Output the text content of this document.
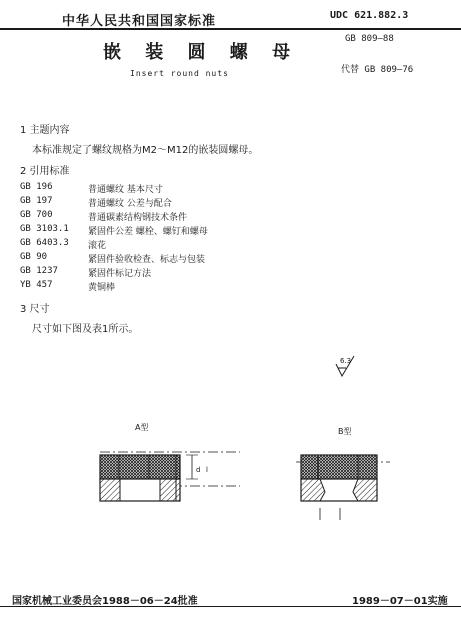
中华人民共和国国家标准	UDC 621.882.3
嵌 装 圆 螺 母
GB 809—88
Insert round nuts	代替 GB 809—76
1 主题内容
本标准规定了螺纹规格为M2～M12的嵌装圆螺母。
2 引用标准
GB 196	普通螺纹 基本尺寸
GB 197	普通螺纹 公差与配合
GB 700	普通碳素结构钢技术条件
GB 3103.1 紧固件公差 螺栓、螺钉和螺母
GB 6403.3 滚花
GB 90	紧固件验收检查、标志与包装
GB 1237	紧固件标记方法
YB 457	黄铜棒
3 尺寸
尺寸如下图及表1所示。
6.3
A型
d l
B型
国家机械工业委员会1988－06－24批准	1989－07－01实施
